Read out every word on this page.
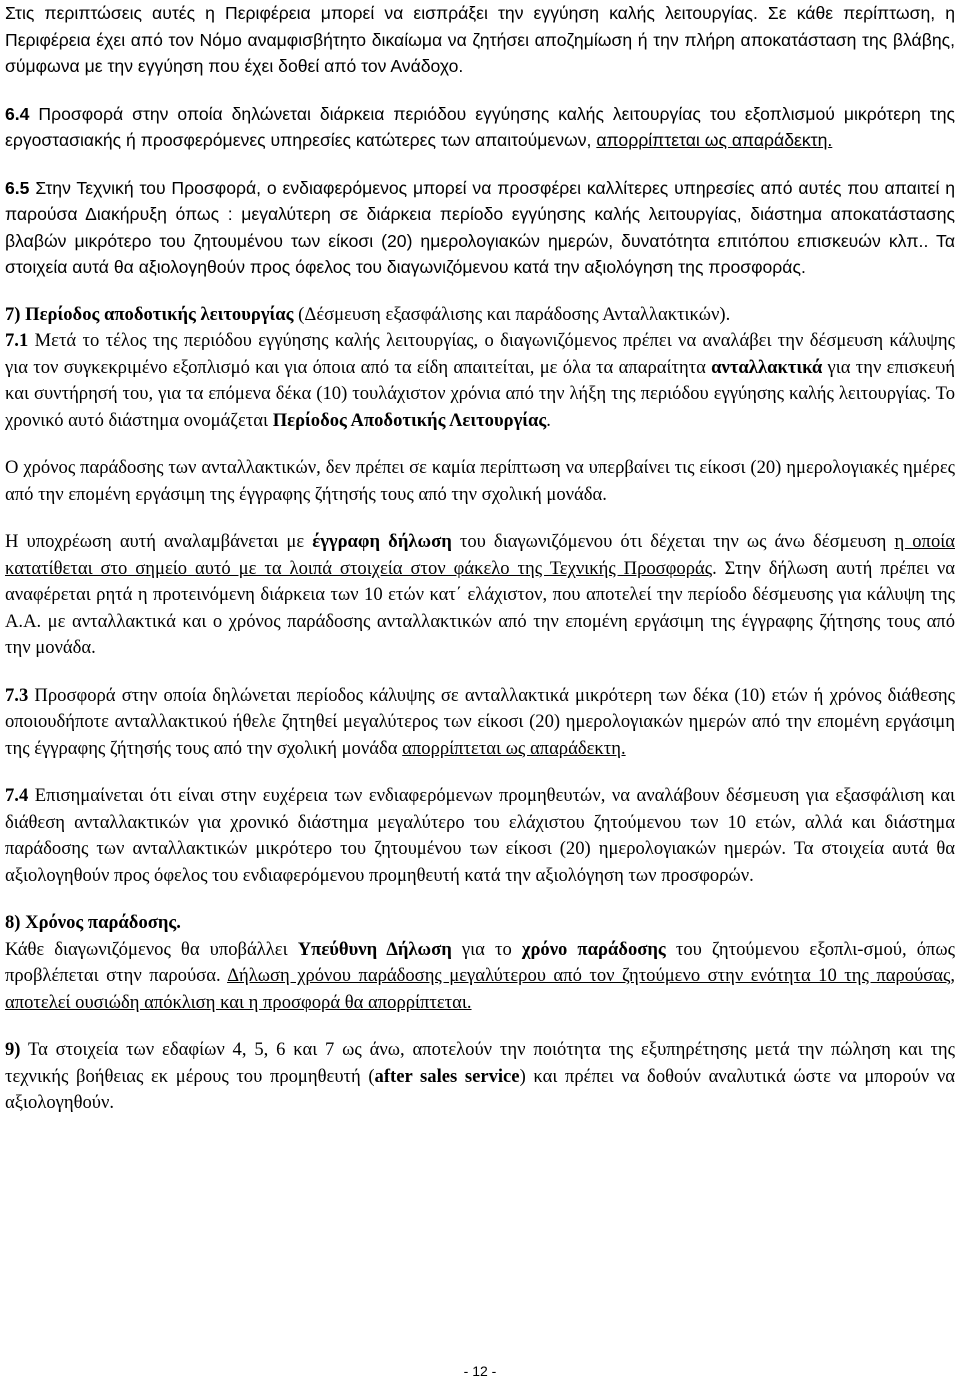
Στις περιπτώσεις αυτές η Περιφέρεια μπορεί να εισπράξει την εγγύηση καλής λειτουργίας. Σε κάθε περίπτωση, η Περιφέρεια έχει από τον Νόμο αναμφισβήτητο δικαίωμα να ζητήσει αποζημίωση ή την πλήρη αποκατάσταση της βλάβης, σύμφωνα με την εγγύηση που έχει δοθεί από τον Ανάδοχο.

6.4 Προσφορά στην οποία δηλώνεται διάρκεια περιόδου εγγύησης καλής λειτουργίας του εξοπλισμού μικρότερη της εργοστασιακής ή προσφερόμενες υπηρεσίες κατώτερες των απαιτούμενων, απορρίπτεται ως απαράδεκτη.

6.5 Στην Τεχνική του Προσφορά, ο ενδιαφερόμενος μπορεί να προσφέρει καλλίτερες υπηρεσίες από αυτές που απαιτεί η παρούσα Διακήρυξη όπως : μεγαλύτερη σε διάρκεια περίοδο εγγύησης καλής λειτουργίας, διάστημα αποκατάστασης βλαβών μικρότερο του ζητουμένου των είκοσι (20) ημερολογιακών ημερών, δυνατότητα επιτόπου επισκευών κλπ.. Τα στοιχεία αυτά θα αξιολογηθούν προς όφελος του διαγωνιζόμενου κατά την αξιολόγηση της προσφοράς.

7) Περίοδος αποδοτικής λειτουργίας (Δέσμευση εξασφάλισης και παράδοσης Ανταλλακτικών).

7.1 Μετά το τέλος της περιόδου εγγύησης καλής λειτουργίας, ο διαγωνιζόμενος πρέπει να αναλάβει την δέσμευση κάλυψης για τον συγκεκριμένο εξοπλισμό και για όποια από τα είδη απαιτείται, με όλα τα απαραίτητα ανταλλακτικά για την επισκευή και συντήρησή του, για τα επόμενα δέκα (10) τουλάχιστον χρόνια από την λήξη της περιόδου εγγύησης καλής λειτουργίας. Το χρονικό αυτό διάστημα ονομάζεται Περίοδος Αποδοτικής Λειτουργίας.

Ο χρόνος παράδοσης των ανταλλακτικών, δεν πρέπει σε καμία περίπτωση να υπερβαίνει τις είκοσι (20) ημερολογιακές ημέρες από την επομένη εργάσιμη της έγγραφης ζήτησής τους από την σχολική μονάδα.

Η υποχρέωση αυτή αναλαμβάνεται με έγγραφη δήλωση του διαγωνιζόμενου ότι δέχεται την ως άνω δέσμευση η οποία κατατίθεται στο σημείο αυτό με τα λοιπά στοιχεία στον φάκελο της Τεχνικής Προσφοράς. Στην δήλωση αυτή πρέπει να αναφέρεται ρητά η προτεινόμενη διάρκεια των 10 ετών κατ΄ ελάχιστον, που αποτελεί την περίοδο δέσμευσης για κάλυψη της Α.Α. με ανταλλακτικά και ο χρόνος παράδοσης ανταλλακτικών από την επομένη εργάσιμη της έγγραφης ζήτησης τους από την μονάδα.

7.3 Προσφορά στην οποία δηλώνεται περίοδος κάλυψης σε ανταλλακτικά μικρότερη των δέκα (10) ετών ή χρόνος διάθεσης οποιουδήποτε ανταλλακτικού ήθελε ζητηθεί μεγαλύτερος των είκοσι (20) ημερολογιακών ημερών από την επομένη εργάσιμη της έγγραφης ζήτησής τους από την σχολική μονάδα απορρίπτεται ως απαράδεκτη.

7.4 Επισημαίνεται ότι είναι στην ευχέρεια των ενδιαφερόμενων προμηθευτών, να αναλάβουν δέσμευση για εξασφάλιση και διάθεση ανταλλακτικών για χρονικό διάστημα μεγαλύτερο του ελάχιστου ζητούμενου των 10 ετών, αλλά και διάστημα παράδοσης των ανταλλακτικών μικρότερο του ζητουμένου των είκοσι (20) ημερολογιακών ημερών. Τα στοιχεία αυτά θα αξιολογηθούν προς όφελος του ενδιαφερόμενου προμηθευτή κατά την αξιολόγηση των προσφορών.

8) Χρόνος παράδοσης.

Κάθε διαγωνιζόμενος θα υποβάλλει Υπεύθυνη Δήλωση για το χρόνο παράδοσης του ζητούμενου εξοπλι-σμού, όπως προβλέπεται στην παρούσα. Δήλωση χρόνου παράδοσης μεγαλύτερου από τον ζητούμενο στην ενότητα 10 της παρούσας, αποτελεί ουσιώδη απόκλιση και η προσφορά θα απορρίπτεται.

9) Τα στοιχεία των εδαφίων 4, 5, 6 και 7 ως άνω, αποτελούν την ποιότητα της εξυπηρέτησης μετά την πώληση και της τεχνικής βοήθειας εκ μέρους του προμηθευτή (after sales service) και πρέπει να δοθούν αναλυτικά ώστε να μπορούν να αξιολογηθούν.

- 12 -
